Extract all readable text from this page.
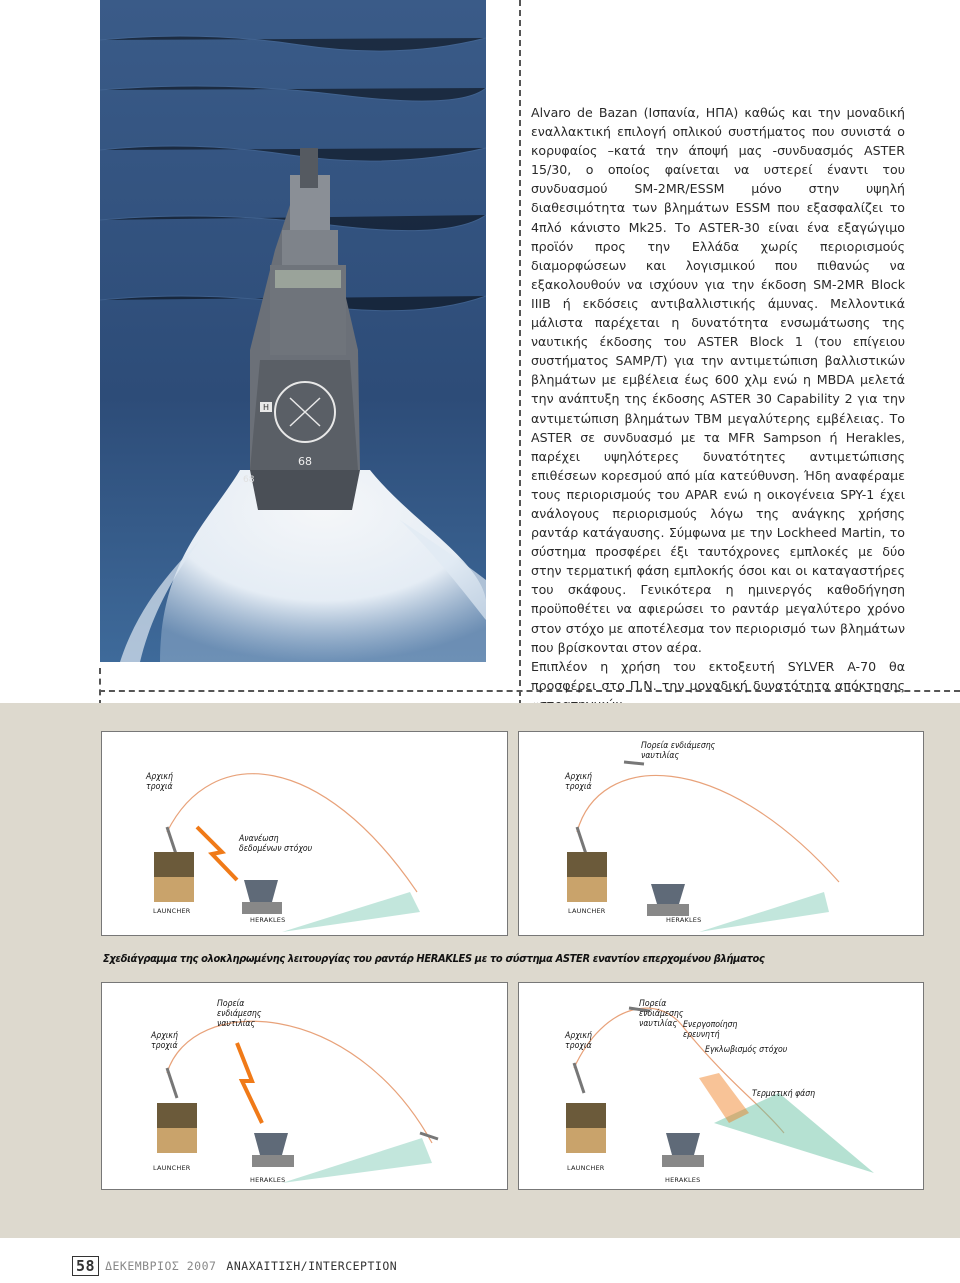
H
68
68

Alvaro de Bazan (Ισπανία, ΗΠΑ) καθώς και την μοναδική εναλλακτική επιλογή οπλικού συστήματος που συνιστά ο κορυφαίος –κατά την άποψή μας -συνδυασμός ASTER 15/30, ο οποίος φαίνεται να υστερεί έναντι του συνδυασμού SM-2MR/ESSM μόνο στην υψηλή διαθεσιμότητα των βλημάτων ESSM που εξασφαλίζει το 4πλό κάνιστο Mk25. Το ASTER-30 είναι ένα εξαγώγιμο προϊόν προς την Ελλάδα χωρίς περιορισμούς διαμορφώσεων και λογισμικού που πιθανώς να εξακολουθούν να ισχύουν για την έκδοση SM-2MR Block IIIB ή εκδόσεις αντιβαλλιστικής άμυνας. Μελλοντικά μάλιστα παρέχεται η δυνατότητα ενσωμάτωσης της ναυτικής έκδοσης του ASTER Block 1 (του επίγειου συστήματος SAMP/T) για την αντιμετώπιση βαλλιστικών βλημάτων με εμβέλεια έως 600 χλμ ενώ η MBDA μελετά την ανάπτυξη της έκδοσης ASTER 30 Capability 2 για την αντιμετώπιση βλημάτων TBM μεγαλύτερης εμβέλειας. Το ASTER σε συνδυασμό με τα MFR Sampson ή Herakles, παρέχει υψηλότερες δυνατότητες αντιμετώπισης επιθέσεων κορεσμού από μία κατεύθυνση. Ήδη αναφέραμε τους περιορισμούς του APAR ενώ η οικογένεια SPY-1 έχει ανάλογους περιορισμούς λόγω της ανάγκης χρήσης ραντάρ κατάγαυσης. Σύμφωνα με την Lockheed Martin, το σύστημα προσφέρει έξι ταυτόχρονες εμπλοκές με δύο στην τερματική φάση εμπλοκής όσοι και οι καταγαστήρες του σκάφους. Γενικότερα η ημινεργός καθοδήγηση προϋποθέτει να αφιερώσει το ραντάρ μεγαλύτερο χρόνο στον στόχο με αποτέλεσμα τον περιορισμό των βλημάτων που βρίσκονται στον αέρα.

Επιπλέον η χρήση του εκτοξευτή SYLVER A-70 θα προσφέρει στο Π.Ν. την μοναδική δυνατότητα απόκτησης

Αρχική τροχιά
Ανανέωση δεδομένων στόχου
LAUNCHER
HERAKLES
Πορεία ενδιάμεσης ναυτιλίας
Αρχική τροχιά
LAUNCHER
HERAKLES
Σχεδιάγραμμα της ολοκληρωμένης λειτουργίας του ραντάρ HERAKLES με το σύστημα ASTER εναντίον επερχομένου βλήματος
Πορεία ενδιάμεσης ναυτιλίας
Αρχική τροχιά
LAUNCHER
HERAKLES
Πορεία ενδιάμεσης ναυτιλίας Ενεργοποίηση ερευνητή
Εγκλωβισμός στόχου
Αρχική τροχιά
Τερματική φάση
LAUNCHER
HERAKLES
58 ΔΕΚΕΜΒΡΙΟΣ 2007 ΑΝΑΧΑΙΤΙΣΗ/INTERCEPTION
